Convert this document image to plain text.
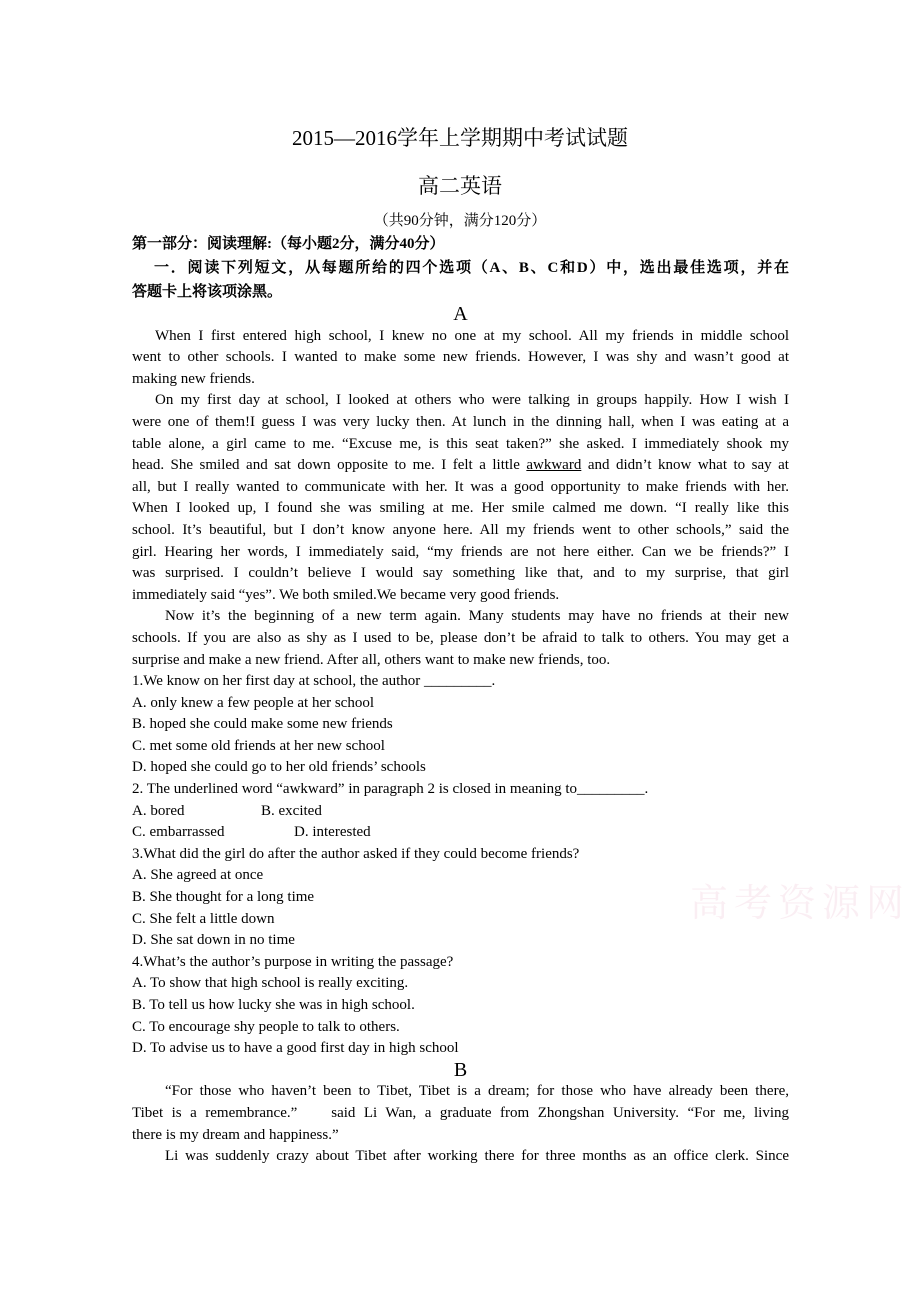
2015—2016学年上学期期中考试试题
高二英语
（共90分钟，满分120分）
第一部分：阅读理解:（每小题2分，满分40分）
一．阅读下列短文，从每题所给的四个选项（A、B、C和D）中，选出最佳选项，并在
答题卡上将该项涂黑。
A
When I first entered high school, I knew no one at my school. All my friends in middle school
went to other schools. I wanted to make some new friends. However, I was shy and wasn’t good at
making new friends.
On my first day at school, I looked at others who were talking in groups happily. How I wish I
were one of them!I guess I was very lucky then. At lunch in the dinning hall, when I was eating at a
table alone, a girl came to me. “Excuse me, is this seat taken?” she asked. I immediately shook my
head. She smiled and sat down opposite to me. I felt a little awkward and didn’t know what to say at
all, but I really wanted to communicate with her. It was a good opportunity to make friends with her.
When I looked up, I found she was smiling at me. Her smile calmed me down. “I really like this
school. It’s beautiful, but I don’t know anyone here. All my friends went to other schools,” said the
girl. Hearing her words, I immediately said, “my friends are not here either. Can we be friends?” I
was surprised. I couldn’t believe I would say something like that, and to my surprise, that girl
immediately said “yes”. We both smiled.We became very good friends.
Now it’s the beginning of a new term again. Many students may have no friends at their new
schools. If you are also as shy as I used to be, please don’t be afraid to talk to others. You may get a
surprise and make a new friend. After all, others want to make new friends, too.
1.We know on her first day at school, the author _________.
A. only knew a few people at her school
B. hoped she could make some new friends
C. met some old friends at her new school
D. hoped she could go to her old friends’ schools
2. The underlined word “awkward” in paragraph 2 is closed in meaning to_________.
A. bored	B. excited
C. embarrassed	D. interested
3.What did the girl do after the author asked if they could become friends?
A. She agreed at once
B. She thought for a long time
C. She felt a little down
D. She sat down in no time
4.What’s the author’s purpose in writing the passage?
A. To show that high school is really exciting.
B. To tell us how lucky she was in high school.
C. To encourage shy people to talk to others.
D. To advise us to have a good first day in high school
B
“For those who haven’t been to Tibet, Tibet is a dream; for those who have already been there,
Tibet is a remembrance.”    said Li Wan, a graduate from Zhongshan University. “For me, living
there is my dream and happiness.”
Li was suddenly crazy about Tibet after working there for three months as an office clerk. Since
高考资源网
